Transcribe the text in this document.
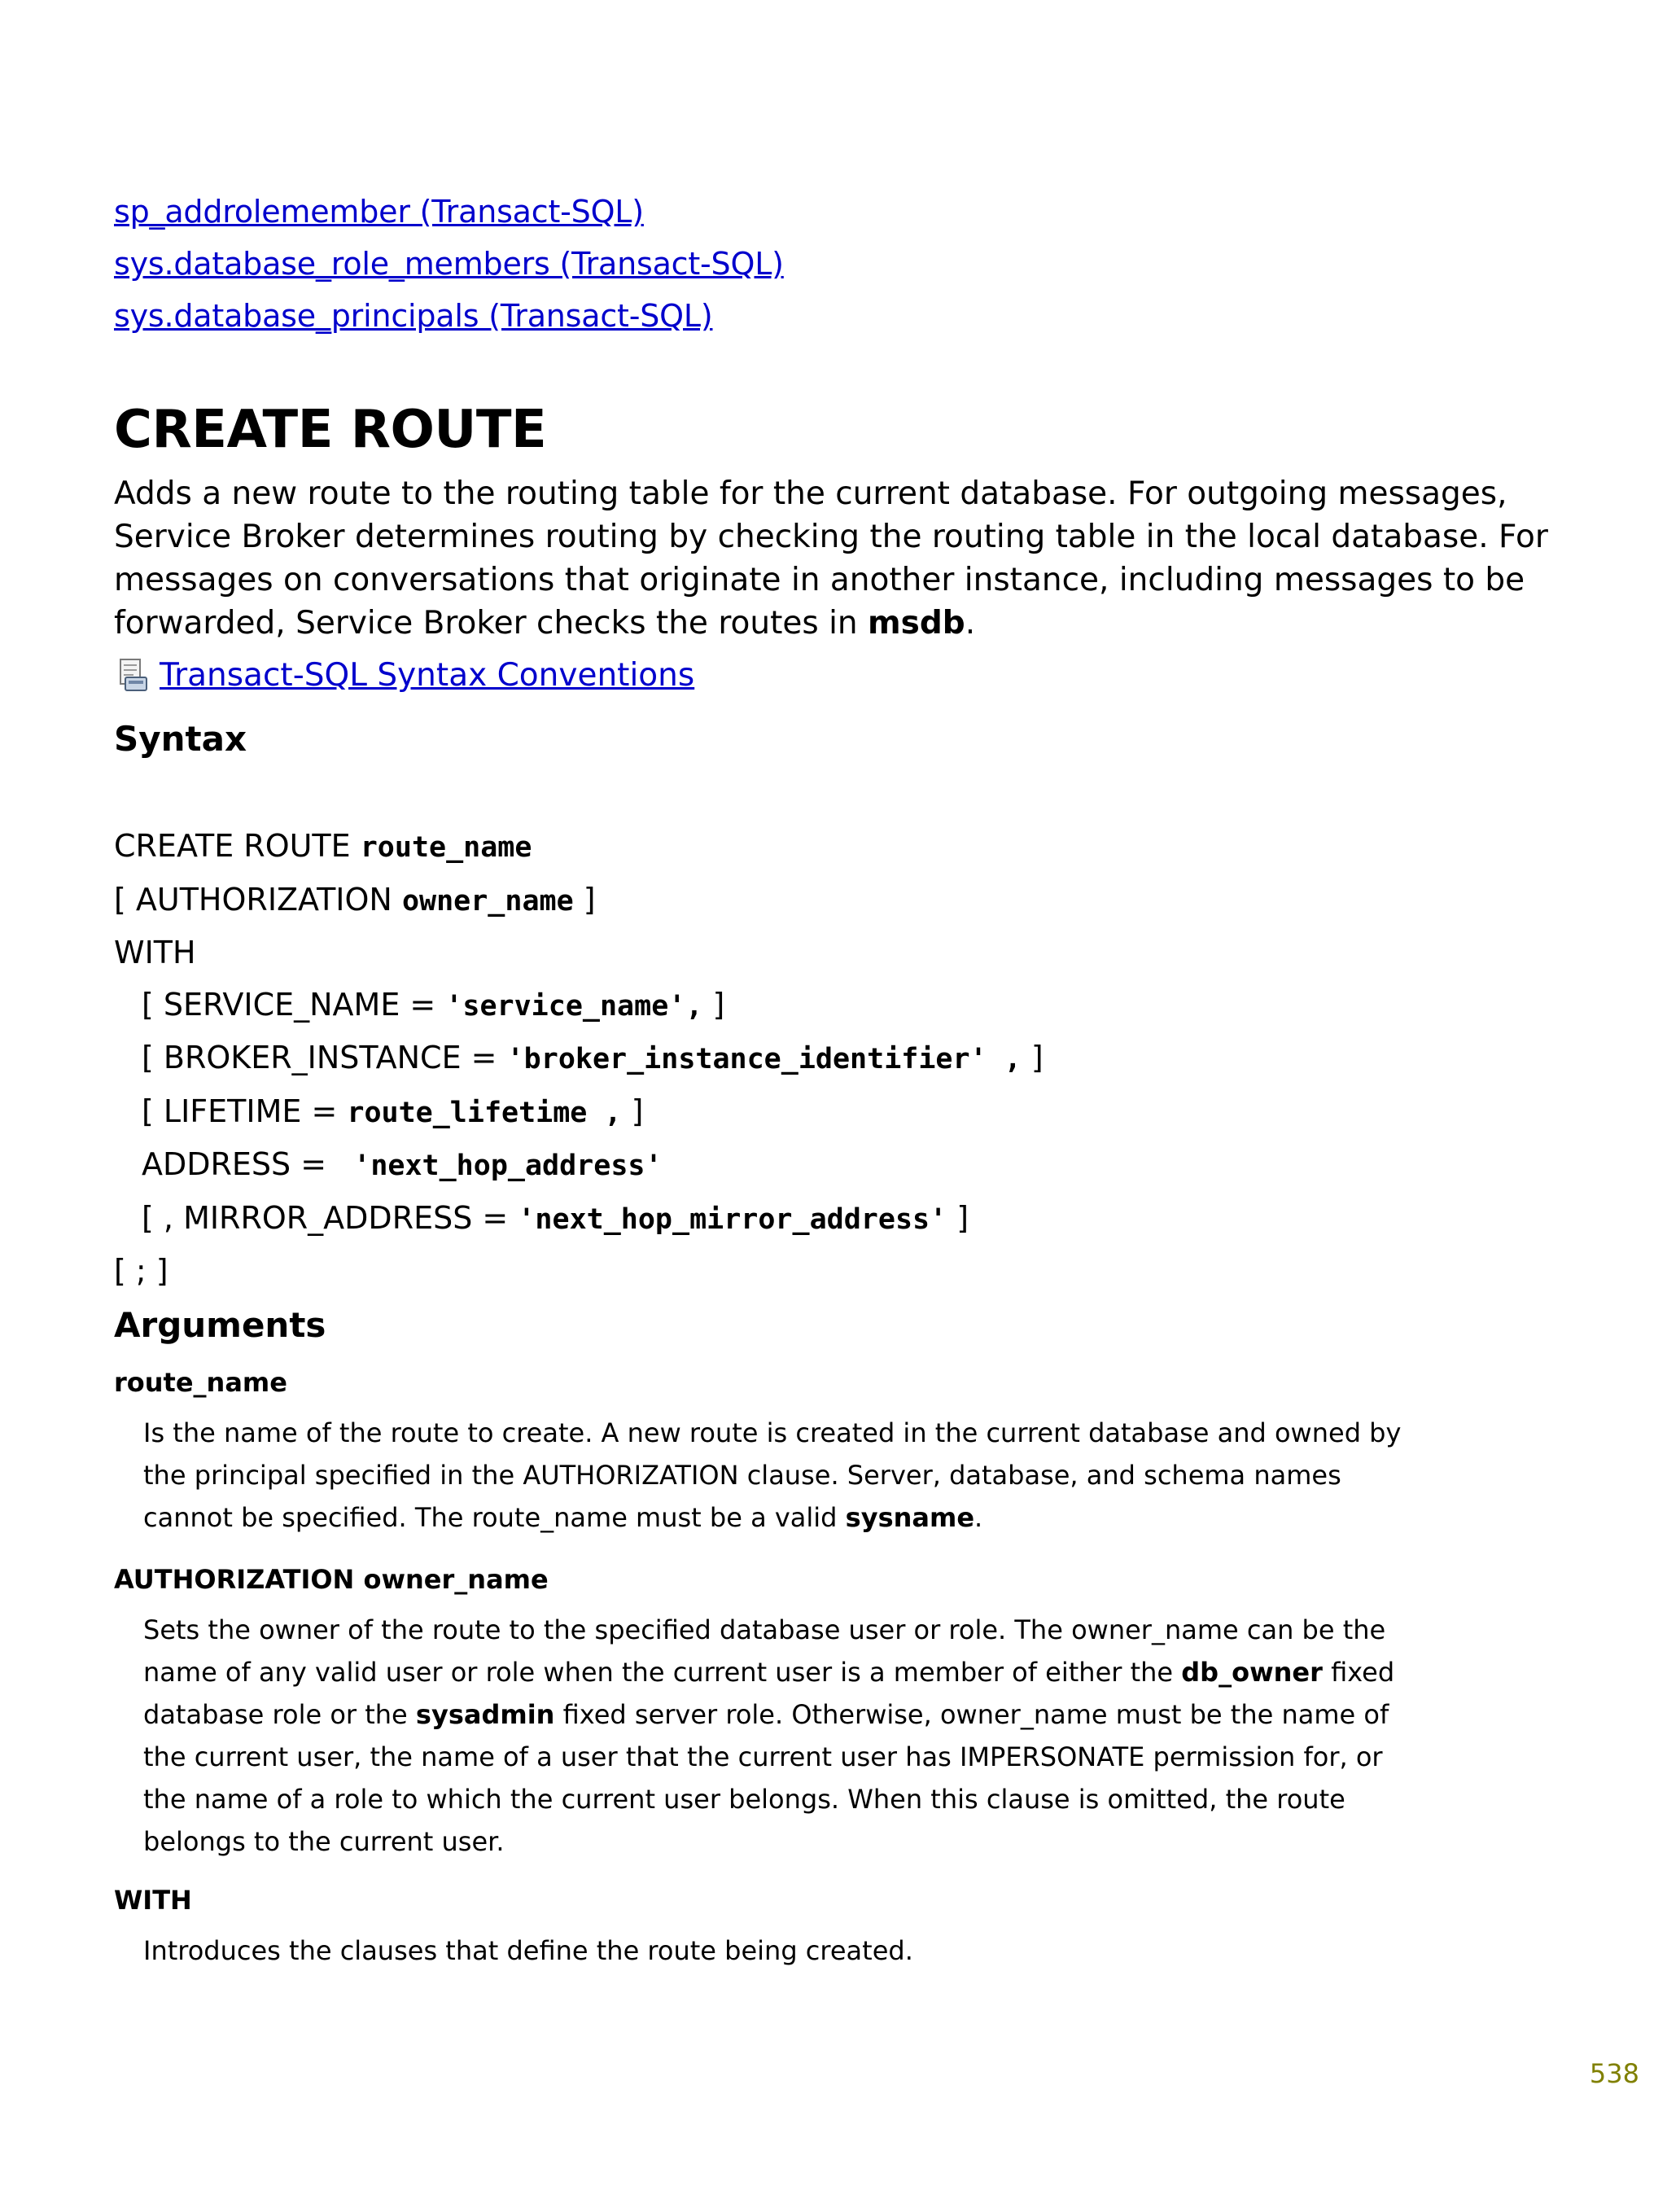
sp_addrolemember (Transact-SQL)
sys.database_role_members (Transact-SQL)
sys.database_principals (Transact-SQL)
CREATE ROUTE

Adds a new route to the routing table for the current database. For outgoing messages, Service Broker determines routing by checking the routing table in the local database. For messages on conversations that originate in another instance, including messages to be forwarded, Service Broker checks the routes in msdb.

Transact-SQL Syntax Conventions
Syntax
CREATE ROUTE route_name
[ AUTHORIZATION owner_name ]
WITH
[ SERVICE_NAME = 'service_name', ]
[ BROKER_INSTANCE = 'broker_instance_identifier' , ]
[ LIFETIME = route_lifetime , ]
ADDRESS =  'next_hop_address'
[ , MIRROR_ADDRESS = 'next_hop_mirror_address' ]
[ ; ]
Arguments
route_name

Is the name of the route to create. A new route is created in the current database and owned by the principal specified in the AUTHORIZATION clause. Server, database, and schema names cannot be specified. The route_name must be a valid sysname.

AUTHORIZATION owner_name

Sets the owner of the route to the specified database user or role. The owner_name can be the name of any valid user or role when the current user is a member of either the db_owner fixed database role or the sysadmin fixed server role. Otherwise, owner_name must be the name of the current user, the name of a user that the current user has IMPERSONATE permission for, or the name of a role to which the current user belongs. When this clause is omitted, the route belongs to the current user.

WITH

Introduces the clauses that define the route being created.

538
